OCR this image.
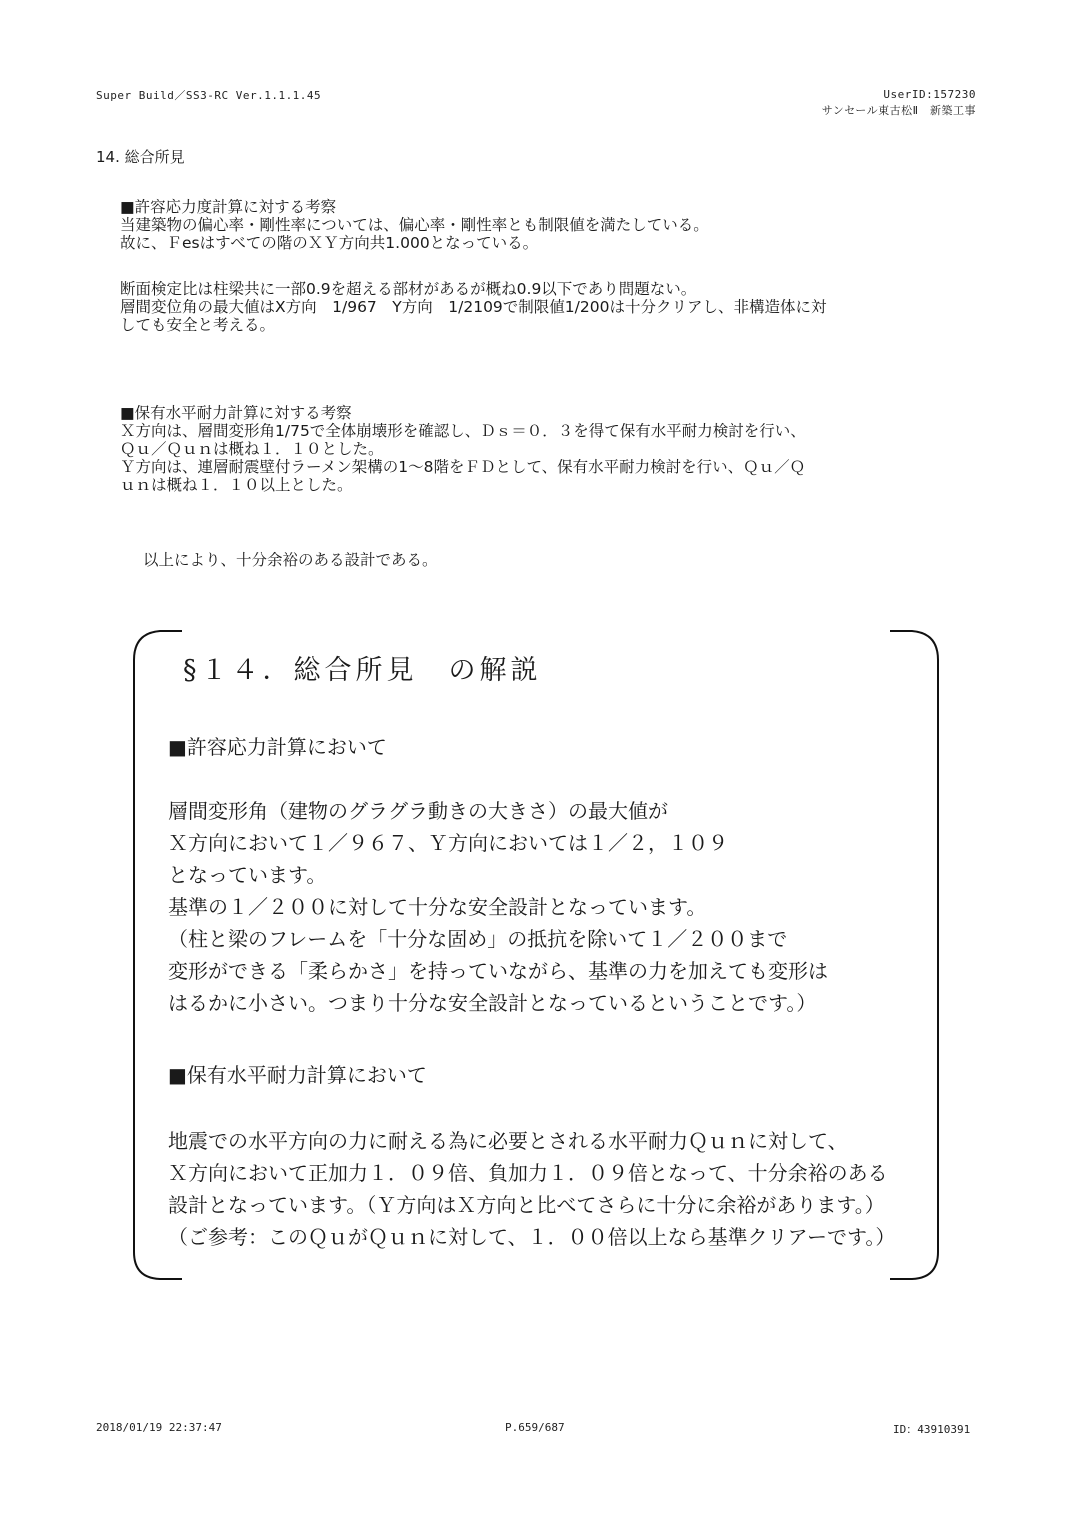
Super Build／SS3-RC Ver.1.1.1.45	UserID:157230
サンセール東古松Ⅱ　新築工事
14. 総合所見
■許容応力度計算に対する考察
当建築物の偏心率・剛性率については、偏心率・剛性率とも制限値を満たしている。
故に、Ｆesはすべての階のＸＹ方向共1.000となっている。
断面検定比は柱梁共に一部0.9を超える部材があるが概ね0.9以下であり問題ない。
層間変位角の最大値はX方向　1/967　Y方向　1/2109で制限値1/200は十分クリアし、非構造体に対
しても安全と考える。
■保有水平耐力計算に対する考察
Ｘ方向は、層間変形角1/75で全体崩壊形を確認し、Ｄｓ＝０．３を得て保有水平耐力検討を行い、
Ｑｕ／Ｑｕｎは概ね１．１０とした。
Ｙ方向は、連層耐震壁付ラーメン架構の1～8階をＦＤとして、保有水平耐力検討を行い、Ｑｕ／Ｑ
ｕｎは概ね１．１０以上とした。
以上により、十分余裕のある設計である。
§１４．総合所見　の解説
■許容応力計算において
層間変形角（建物のグラグラ動きの大きさ）の最大値が
Ｘ方向において１／９６７、Ｙ方向においては１／２，１０９
となっています。
基準の１／２００に対して十分な安全設計となっています。
（柱と梁のフレームを「十分な固め」の抵抗を除いて１／２００まで
変形ができる「柔らかさ」を持っていながら、基準の力を加えても変形は
はるかに小さい。つまり十分な安全設計となっているということです。）
■保有水平耐力計算において
地震での水平方向の力に耐える為に必要とされる水平耐力Ｑｕｎに対して、
Ｘ方向において正加力１．０９倍、負加力１．０９倍となって、十分余裕のある
設計となっています。（Ｙ方向はＸ方向と比べてさらに十分に余裕があります。）
（ご参考：このＱｕがＱｕｎに対して、１．００倍以上なら基準クリアーです。）
2018/01/19 22:37:47	P.659/687	ID：43910391
